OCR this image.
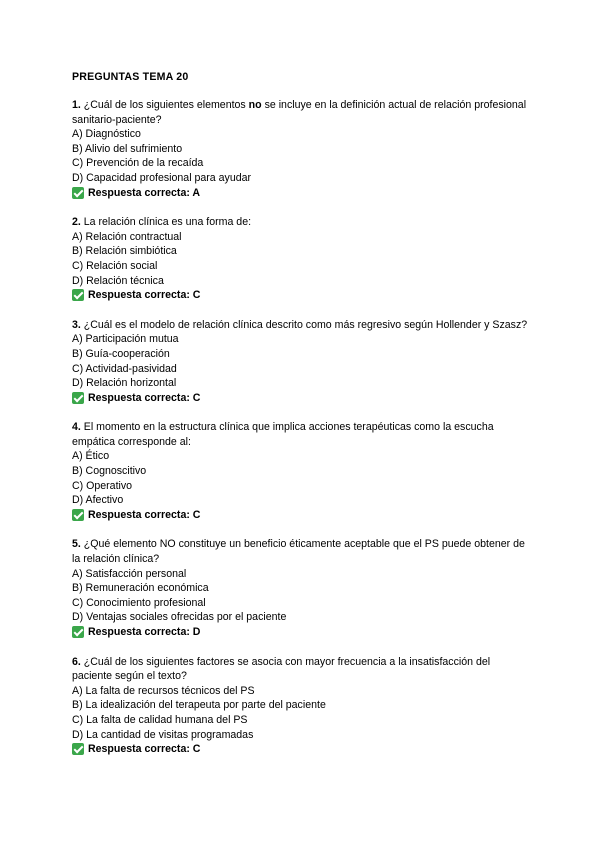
PREGUNTAS TEMA 20

1. ¿Cuál de los siguientes elementos no se incluye en la definición actual de relación profesional sanitario-paciente?

A) Diagnóstico

B) Alivio del sufrimiento

C) Prevención de la recaída

D) Capacidad profesional para ayudar

Respuesta correcta: A

2. La relación clínica es una forma de:

A) Relación contractual

B) Relación simbiótica

C) Relación social

D) Relación técnica

Respuesta correcta: C

3. ¿Cuál es el modelo de relación clínica descrito como más regresivo según Hollender y Szasz?

A) Participación mutua

B) Guía-cooperación

C) Actividad-pasividad

D) Relación horizontal

Respuesta correcta: C

4. El momento en la estructura clínica que implica acciones terapéuticas como la escucha empática corresponde al:

A) Ético

B) Cognoscitivo

C) Operativo

D) Afectivo

Respuesta correcta: C

5. ¿Qué elemento NO constituye un beneficio éticamente aceptable que el PS puede obtener de la relación clínica?

A) Satisfacción personal

B) Remuneración económica

C) Conocimiento profesional

D) Ventajas sociales ofrecidas por el paciente

Respuesta correcta: D

6. ¿Cuál de los siguientes factores se asocia con mayor frecuencia a la insatisfacción del paciente según el texto?

A) La falta de recursos técnicos del PS

B) La idealización del terapeuta por parte del paciente

C) La falta de calidad humana del PS

D) La cantidad de visitas programadas

Respuesta correcta: C
